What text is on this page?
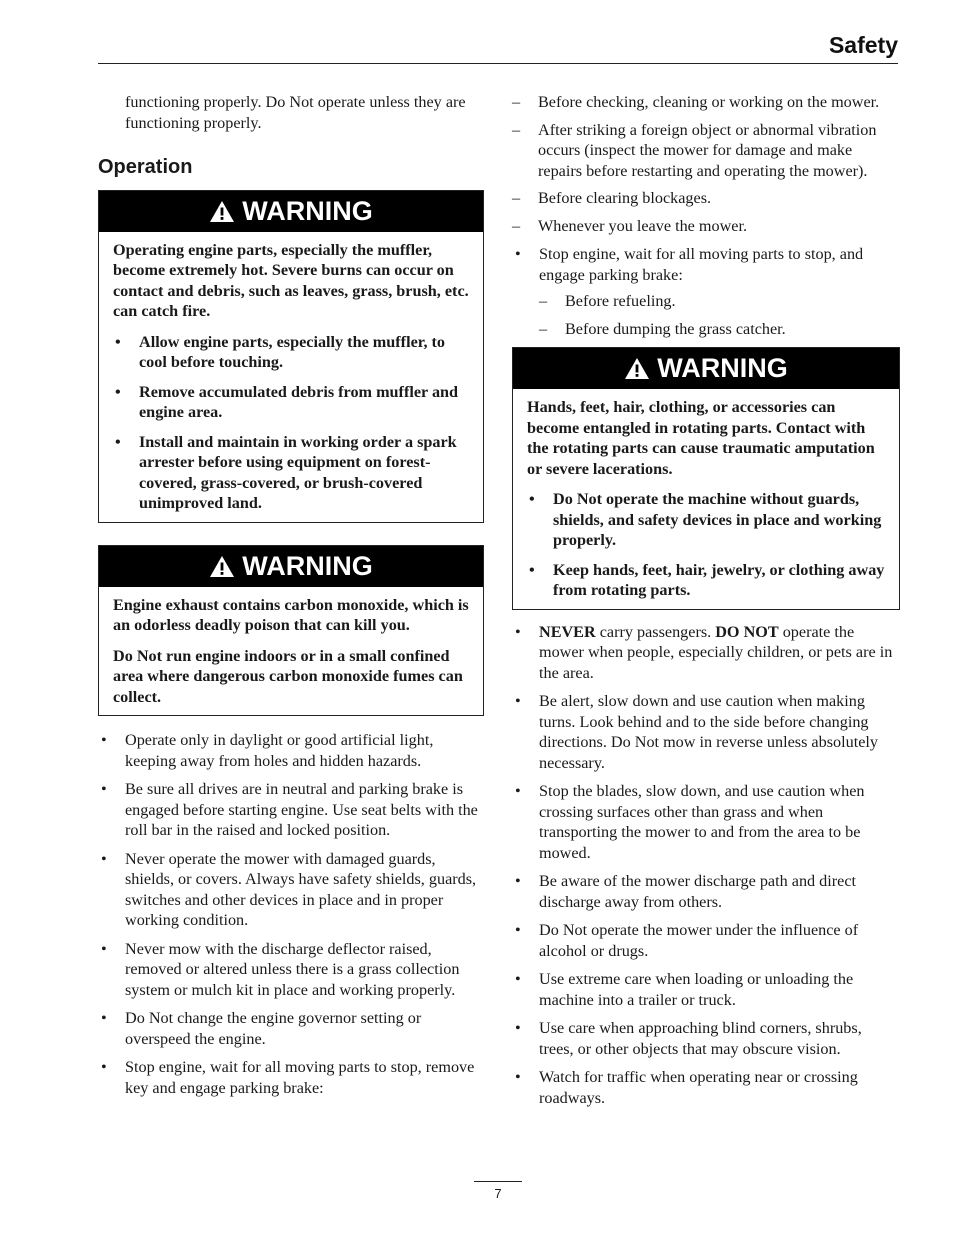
Safety

functioning properly. Do Not operate unless they are functioning properly.

Operation
WARNING

Operating engine parts, especially the muffler, become extremely hot. Severe burns can occur on contact and debris, such as leaves, grass, brush, etc. can catch fire.

• Allow engine parts, especially the muffler, to cool before touching.
• Remove accumulated debris from muffler and engine area.
• Install and maintain in working order a spark arrester before using equipment on forest-covered, grass-covered, or brush-covered unimproved land.
WARNING

Engine exhaust contains carbon monoxide, which is an odorless deadly poison that can kill you.

Do Not run engine indoors or in a small confined area where dangerous carbon monoxide fumes can collect.

• Operate only in daylight or good artificial light, keeping away from holes and hidden hazards.
• Be sure all drives are in neutral and parking brake is engaged before starting engine. Use seat belts with the roll bar in the raised and locked position.
• Never operate the mower with damaged guards, shields, or covers. Always have safety shields, guards, switches and other devices in place and in proper working condition.
• Never mow with the discharge deflector raised, removed or altered unless there is a grass collection system or mulch kit in place and working properly.
• Do Not change the engine governor setting or overspeed the engine.
• Stop engine, wait for all moving parts to stop, remove key and engage parking brake:
– Before checking, cleaning or working on the mower.
– After striking a foreign object or abnormal vibration occurs (inspect the mower for damage and make repairs before restarting and operating the mower).
– Before clearing blockages.
– Whenever you leave the mower.
• Stop engine, wait for all moving parts to stop, and engage parking brake:
– Before refueling.
– Before dumping the grass catcher.
WARNING

Hands, feet, hair, clothing, or accessories can become entangled in rotating parts. Contact with the rotating parts can cause traumatic amputation or severe lacerations.

• Do Not operate the machine without guards, shields, and safety devices in place and working properly.
• Keep hands, feet, hair, jewelry, or clothing away from rotating parts.
• NEVER carry passengers. DO NOT operate the mower when people, especially children, or pets are in the area.
• Be alert, slow down and use caution when making turns. Look behind and to the side before changing directions. Do Not mow in reverse unless absolutely necessary.
• Stop the blades, slow down, and use caution when crossing surfaces other than grass and when transporting the mower to and from the area to be mowed.
• Be aware of the mower discharge path and direct discharge away from others.
• Do Not operate the mower under the influence of alcohol or drugs.
• Use extreme care when loading or unloading the machine into a trailer or truck.
• Use care when approaching blind corners, shrubs, trees, or other objects that may obscure vision.
• Watch for traffic when operating near or crossing roadways.
7
